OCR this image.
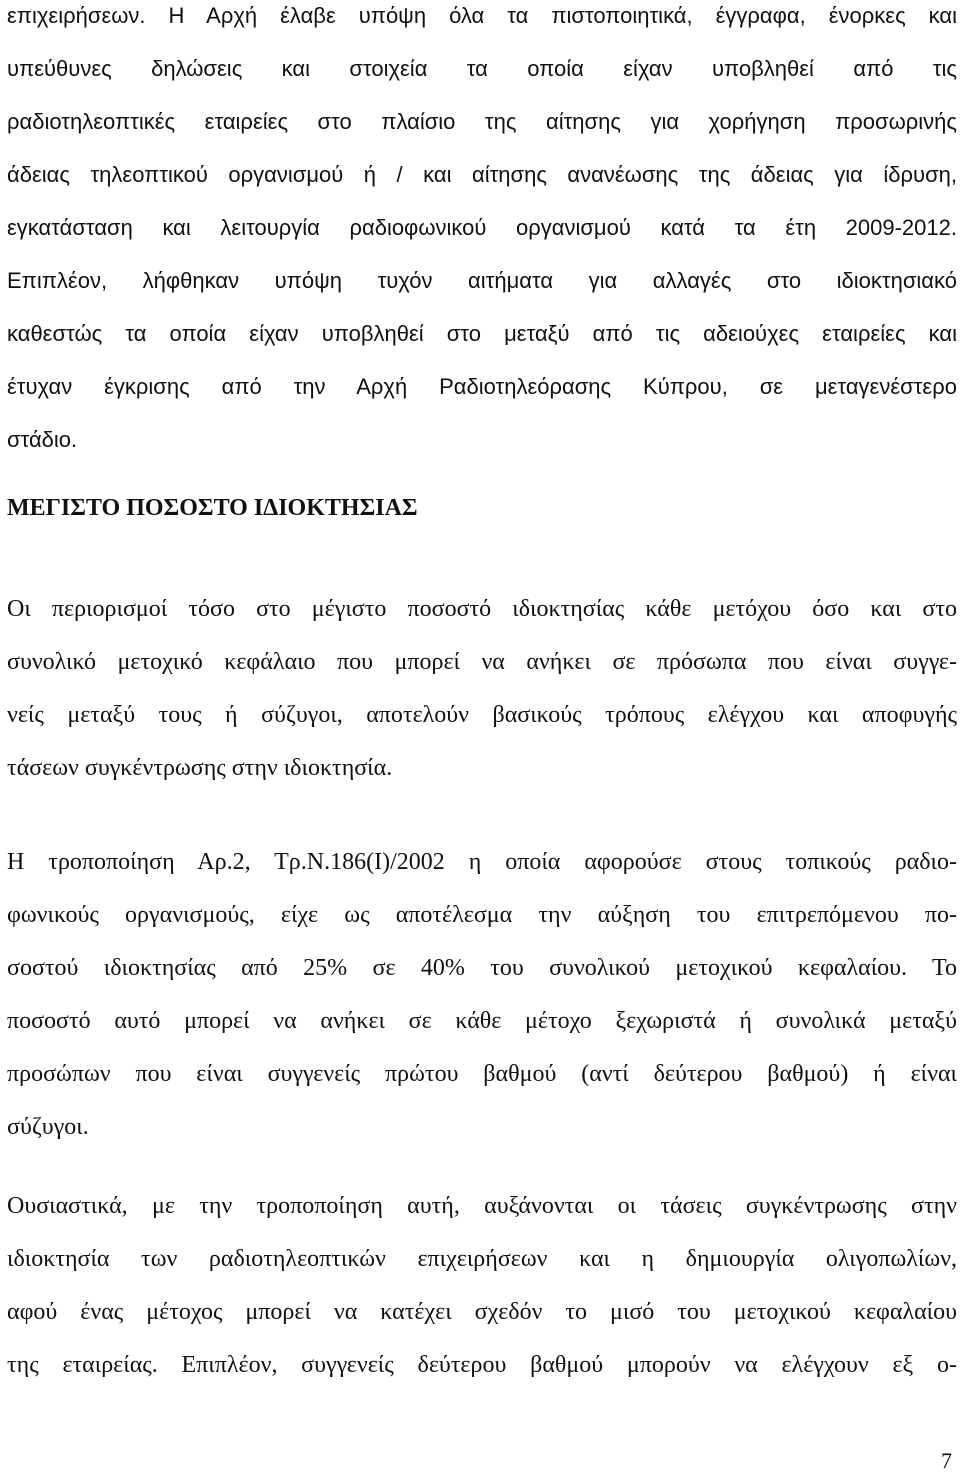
επιχειρήσεων. Η Αρχή έλαβε υπόψη όλα τα πιστοποιητικά, έγγραφα, ένορκες και
υπεύθυνες δηλώσεις και στοιχεία τα οποία είχαν υποβληθεί από τις
ραδιοτηλεοπτικές εταιρείες στο πλαίσιο της αίτησης για χορήγηση προσωρινής
άδειας τηλεοπτικού οργανισμού ή / και αίτησης ανανέωσης της άδειας για ίδρυση,
εγκατάσταση και λειτουργία ραδιοφωνικού οργανισμού κατά τα έτη 2009-2012.
Επιπλέον, λήφθηκαν υπόψη τυχόν αιτήματα για αλλαγές στο ιδιοκτησιακό
καθεστώς τα οποία είχαν υποβληθεί στο μεταξύ από τις αδειούχες εταιρείες και
έτυχαν έγκρισης από την Αρχή Ραδιοτηλεόρασης Κύπρου, σε μεταγενέστερο
στάδιο.

ΜΕΓΙΣΤΟ ΠΟΣΟΣΤΟ ΙΔΙΟΚΤΗΣΙΑΣ

Οι περιορισμοί τόσο στο μέγιστο ποσοστό ιδιοκτησίας κάθε μετόχου όσο και στο
συνολικό μετοχικό κεφάλαιο που μπορεί να ανήκει σε πρόσωπα που είναι συγγε-
νείς μεταξύ τους ή σύζυγοι, αποτελούν βασικούς τρόπους ελέγχου και αποφυγής
τάσεων συγκέντρωσης στην ιδιοκτησία.

Η τροποποίηση Αρ.2, Τρ.Ν.186(Ι)/2002 η οποία αφορούσε στους τοπικούς ραδιο-
φωνικούς οργανισμούς, είχε ως αποτέλεσμα την αύξηση του επιτρεπόμενου πο-
σοστού ιδιοκτησίας από 25% σε 40% του συνολικού μετοχικού κεφαλαίου. Το
ποσοστό αυτό μπορεί να ανήκει σε κάθε μέτοχο ξεχωριστά ή συνολικά μεταξύ
προσώπων που είναι συγγενείς πρώτου βαθμού (αντί δεύτερου βαθμού) ή είναι
σύζυγοι.

Ουσιαστικά, με την τροποποίηση αυτή, αυξάνονται οι τάσεις συγκέντρωσης στην
ιδιοκτησία των ραδιοτηλεοπτικών επιχειρήσεων και η δημιουργία ολιγοπωλίων,
αφού ένας μέτοχος μπορεί να κατέχει σχεδόν το μισό του μετοχικού κεφαλαίου
της εταιρείας. Επιπλέον, συγγενείς δεύτερου βαθμού μπορούν να ελέγχουν εξ ο-

7
